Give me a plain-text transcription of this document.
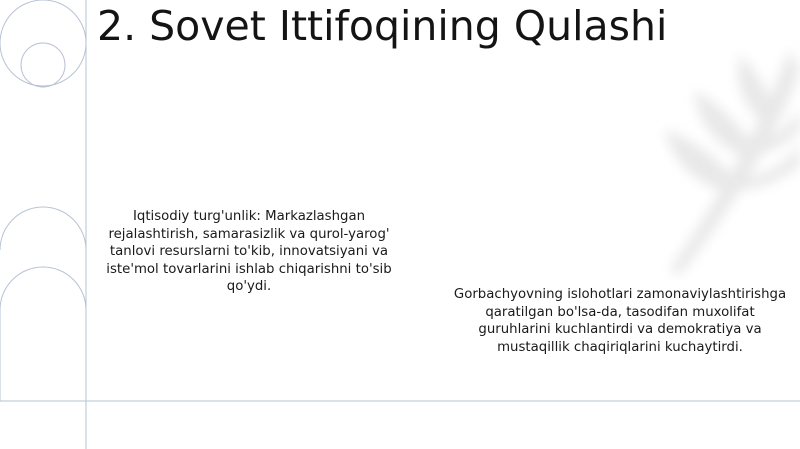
2. Sovet Ittifoqining Qulashi
Iqtisodiy turg'unlik: Markazlashgan rejalashtirish, samarasizlik va qurol-yarog' tanlovi resurslarni to'kib, innovatsiyani va iste'mol tovarlarini ishlab chiqarishni to'sib qo'ydi.
Gorbachyovning islohotlari zamonaviylashtirishga qaratilgan bo'lsa-da, tasodifan muxolifat guruhlarini kuchlantirdi va demokratiya va mustaqillik chaqiriqlarini kuchaytirdi.
